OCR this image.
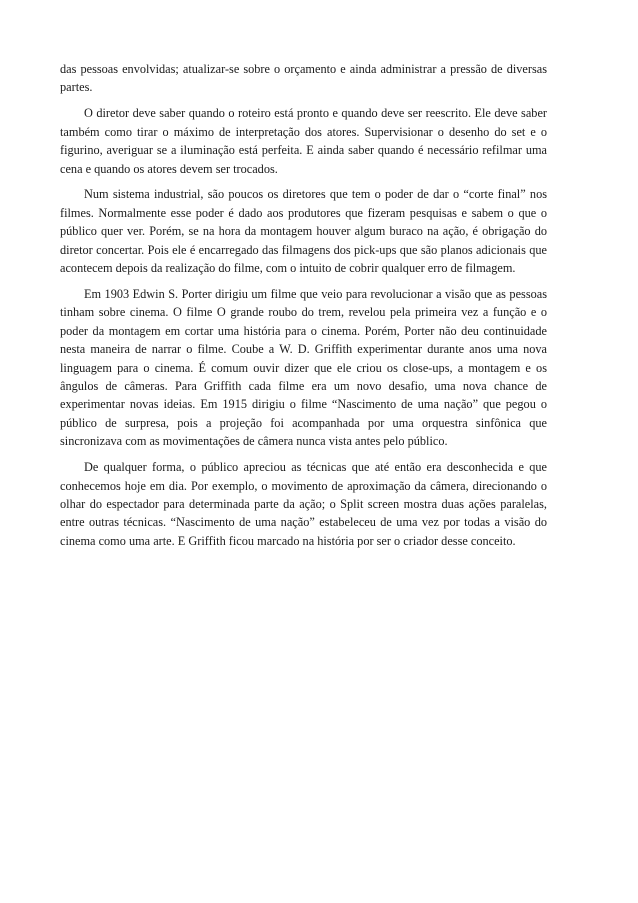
das pessoas envolvidas; atualizar-se sobre o orçamento e ainda administrar a pressão de diversas partes.

O diretor deve saber quando o roteiro está pronto e quando deve ser reescrito. Ele deve saber também como tirar o máximo de interpretação dos atores. Supervisionar o desenho do set e o figurino, averiguar se a iluminação está perfeita. E ainda saber quando é necessário refilmar uma cena e quando os atores devem ser trocados.

Num sistema industrial, são poucos os diretores que tem o poder de dar o “corte final” nos filmes. Normalmente esse poder é dado aos produtores que fizeram pesquisas e sabem o que o público quer ver. Porém, se na hora da montagem houver algum buraco na ação, é obrigação do diretor concertar. Pois ele é encarregado das filmagens dos pick-ups que são planos adicionais que acontecem depois da realização do filme, com o intuito de cobrir qualquer erro de filmagem.

Em 1903 Edwin S. Porter dirigiu um filme que veio para revolucionar a visão que as pessoas tinham sobre cinema. O filme O grande roubo do trem, revelou pela primeira vez a função e o poder da montagem em cortar uma história para o cinema. Porém, Porter não deu continuidade nesta maneira de narrar o filme. Coube a W. D. Griffith experimentar durante anos uma nova linguagem para o cinema. É comum ouvir dizer que ele criou os close-ups, a montagem e os ângulos de câmeras. Para Griffith cada filme era um novo desafio, uma nova chance de experimentar novas ideias. Em 1915 dirigiu o filme “Nascimento de uma nação” que pegou o público de surpresa, pois a projeção foi acompanhada por uma orquestra sinfônica que sincronizava com as movimentações de câmera nunca vista antes pelo público.

De qualquer forma, o público apreciou as técnicas que até então era desconhecida e que conhecemos hoje em dia. Por exemplo, o movimento de aproximação da câmera, direcionando o olhar do espectador para determinada parte da ação; o Split screen mostra duas ações paralelas, entre outras técnicas. “Nascimento de uma nação” estabeleceu de uma vez por todas a visão do cinema como uma arte. E Griffith ficou marcado na história por ser o criador desse conceito.
